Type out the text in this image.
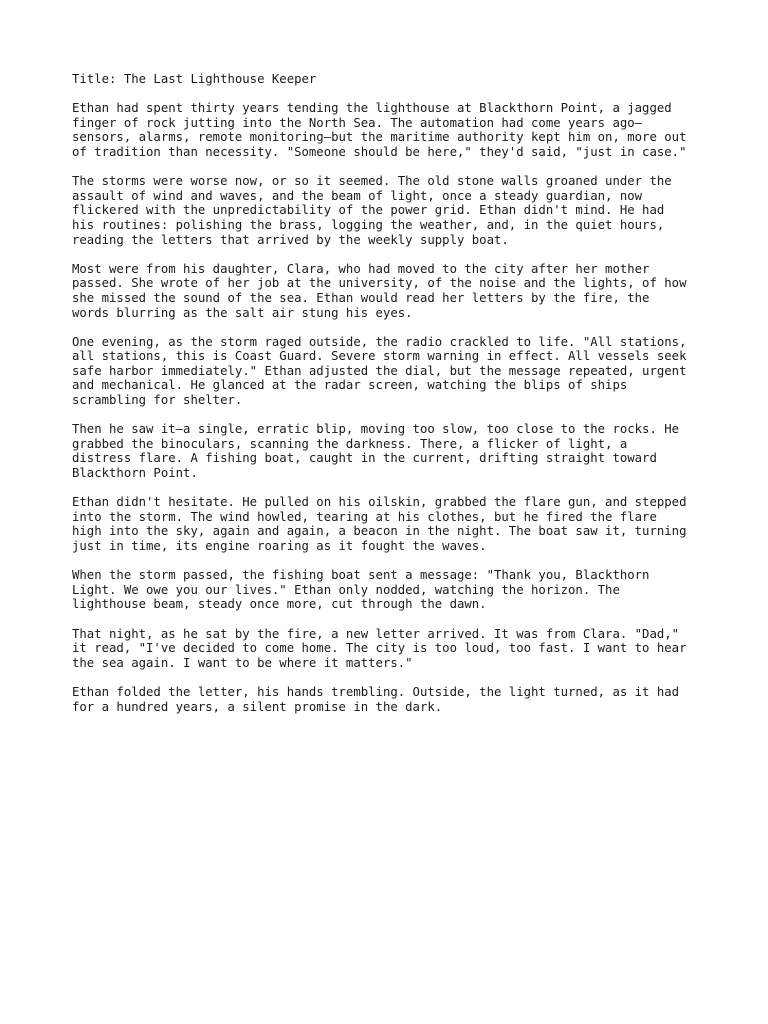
Title: The Last Lighthouse Keeper

Ethan had spent thirty years tending the lighthouse at Blackthorn Point, a jagged
finger of rock jutting into the North Sea. The automation had come years ago—
sensors, alarms, remote monitoring—but the maritime authority kept him on, more out
of tradition than necessity. "Someone should be here," they'd said, "just in case."

The storms were worse now, or so it seemed. The old stone walls groaned under the
assault of wind and waves, and the beam of light, once a steady guardian, now
flickered with the unpredictability of the power grid. Ethan didn't mind. He had
his routines: polishing the brass, logging the weather, and, in the quiet hours,
reading the letters that arrived by the weekly supply boat.

Most were from his daughter, Clara, who had moved to the city after her mother
passed. She wrote of her job at the university, of the noise and the lights, of how
she missed the sound of the sea. Ethan would read her letters by the fire, the
words blurring as the salt air stung his eyes.

One evening, as the storm raged outside, the radio crackled to life. "All stations,
all stations, this is Coast Guard. Severe storm warning in effect. All vessels seek
safe harbor immediately." Ethan adjusted the dial, but the message repeated, urgent
and mechanical. He glanced at the radar screen, watching the blips of ships
scrambling for shelter.

Then he saw it—a single, erratic blip, moving too slow, too close to the rocks. He
grabbed the binoculars, scanning the darkness. There, a flicker of light, a
distress flare. A fishing boat, caught in the current, drifting straight toward
Blackthorn Point.

Ethan didn't hesitate. He pulled on his oilskin, grabbed the flare gun, and stepped
into the storm. The wind howled, tearing at his clothes, but he fired the flare
high into the sky, again and again, a beacon in the night. The boat saw it, turning
just in time, its engine roaring as it fought the waves.

When the storm passed, the fishing boat sent a message: "Thank you, Blackthorn
Light. We owe you our lives." Ethan only nodded, watching the horizon. The
lighthouse beam, steady once more, cut through the dawn.

That night, as he sat by the fire, a new letter arrived. It was from Clara. "Dad,"
it read, "I've decided to come home. The city is too loud, too fast. I want to hear
the sea again. I want to be where it matters."

Ethan folded the letter, his hands trembling. Outside, the light turned, as it had
for a hundred years, a silent promise in the dark.
